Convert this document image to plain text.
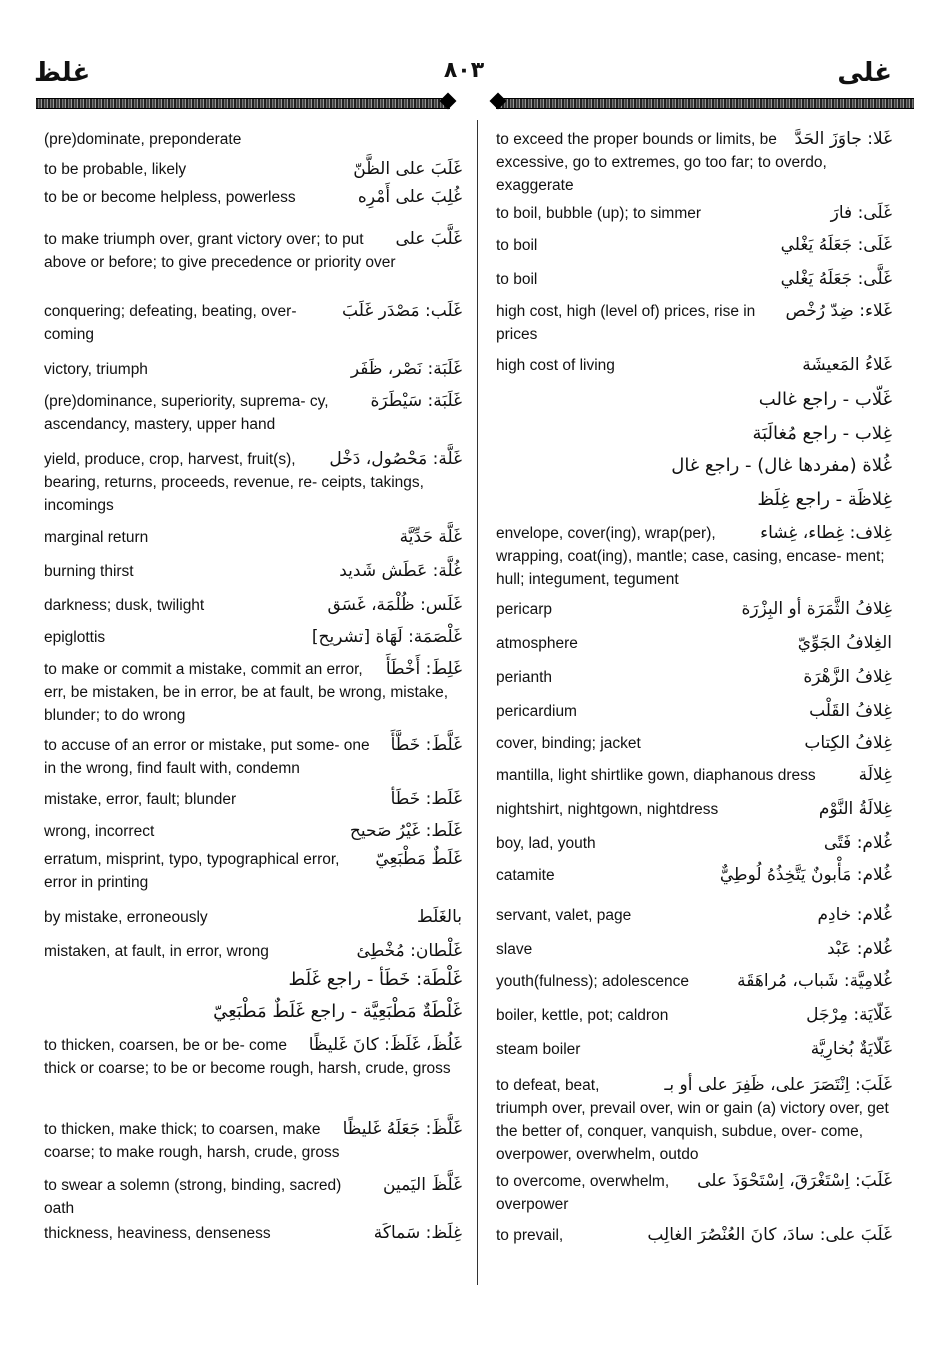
غلظ	٨٠٣	غلى
(pre)dominate, preponderate
to be probable, likely	غَلَبَ على الظَّنّ
to be or become helpless, powerless	غُلِبَ على أَمْرِه
to make triumph over, grant victory over; to put above or before; to give precedence or priority over
غَلَّبَ على
conquering; defeating, beating, over- coming
غَلَب: مَصْدَر غَلَبَ
victory, triumph	غَلَبَة: نَصْر، ظَفَر
(pre)dominance, superiority, suprema- cy, ascendancy, mastery, upper hand
غَلَبَة: سَيْطَرَة
yield, produce, crop, harvest, fruit(s), bearing, returns, proceeds, revenue, re- ceipts, takings, incomings
غَلَّة: مَحْصُول، دَخْل
marginal return	غَلَّة حَدِّيَّة
burning thirst	غُلَّة: عَطَش شَديد
darkness; dusk, twilight	غَلَس: ظُلْمَة، غَسَق
epiglottis	غَلْصَمَة: لَهَاة [تشريح]
to make or commit a mistake, commit an error, err, be mistaken, be in error, be at fault, be wrong, mistake, blunder; to do wrong
غَلِطَ: أَخْطَأَ
to accuse of an error or mistake, put some- one in the wrong, find fault with, condemn
غَلَّطَ: خَطَّأَ
mistake, error, fault; blunder	غَلَط: خَطَأ
wrong, incorrect	غَلَط: غَيْرُ صَحيح
erratum, misprint, typo, typographical error, error in printing
غَلَطٌ مَطْبَعِيّ
by mistake, erroneously	بالغَلَط
mistaken, at fault, in error, wrong	غَلْطان: مُخْطِئ
غَلْطَة: خَطَأ - راجع غَلَط
غَلْطَةٌ مَطْبَعِيَّة - راجع غَلَطٌ مَطْبَعِيّ
to thicken, coarsen, be or be- come thick or coarse; to be or become rough, harsh, crude, gross
غَلُظَ، غَلَظَ: كانَ غَليظًا
to thicken, make thick; to coarsen, make coarse; to make rough, harsh, crude, gross
غَلَّظَ: جَعَلَهُ غَليظًا
to swear a solemn (strong, binding, sacred) oath
غَلَّظَ اليَمين
thickness, heaviness, denseness	غِلَظ: سَماكَة
to exceed the proper bounds or limits, be excessive, go to extremes, go too far; to overdo, exaggerate
غَلا: جاوَزَ الحَدَّ
to boil, bubble (up); to simmer	غَلَى: فارَ
to boil	غَلَى: جَعَلَهُ يَغْلي
to boil	غَلَّى: جَعَلَهُ يَغْلي
high cost, high (level of) prices, rise in prices
غَلاء: ضِدّ رُخْص
high cost of living	غَلاءُ المَعيشَة
غَلّاب - راجع غالب
غِلاب - راجع مُغالَبَة
غُلاة (مفردها غال) - راجع غال
غِلاظَة - راجع غِلَظ
envelope, cover(ing), wrap(per), wrapping, coat(ing), mantle; case, casing, encase- ment; hull; integument, tegument
غِلاف: غِطاء، غِشاء
pericarp	غِلافُ الثَّمَرَة أو البِزْرَة
atmosphere	الغِلافُ الجَوِّيّ
perianth	غِلافُ الزَّهْرَة
pericardium	غِلافُ القَلْب
cover, binding; jacket	غِلافُ الكِتاب
mantilla, light shirtlike gown, diaphanous dress	غِلالَة
nightshirt, nightgown, nightdress	غِلالَةُ النَّوْم
boy, lad, youth	غُلام: فَتًى
catamite	غُلام: مَأْبونٌ يَتَّخِذُهُ لُوطِيٌّ
servant, valet, page	غُلام: خادِم
slave	غُلام: عَبْد
youth(fulness); adolescence	غُلامِيَّة: شَباب، مُراهَقَة
boiler, kettle, pot; caldron	غَلّايَة: مِرْجَل
steam boiler	غَلّايَةٌ بُخارِيَّة
to defeat, beat, triumph over, prevail over, win or gain (a) victory over, get the better of, conquer, vanquish, subdue, over- come, overpower, overwhelm, outdo
غَلَبَ: اِنْتَصَرَ على، ظَفِرَ على أو بـ
to overcome, overwhelm, overpower
غَلَبَ: اِسْتَغْرَقَ، اِسْتَحْوَذَ على
to prevail,	غَلَبَ على: سادَ، كانَ العُنْصُرَ الغالِب
